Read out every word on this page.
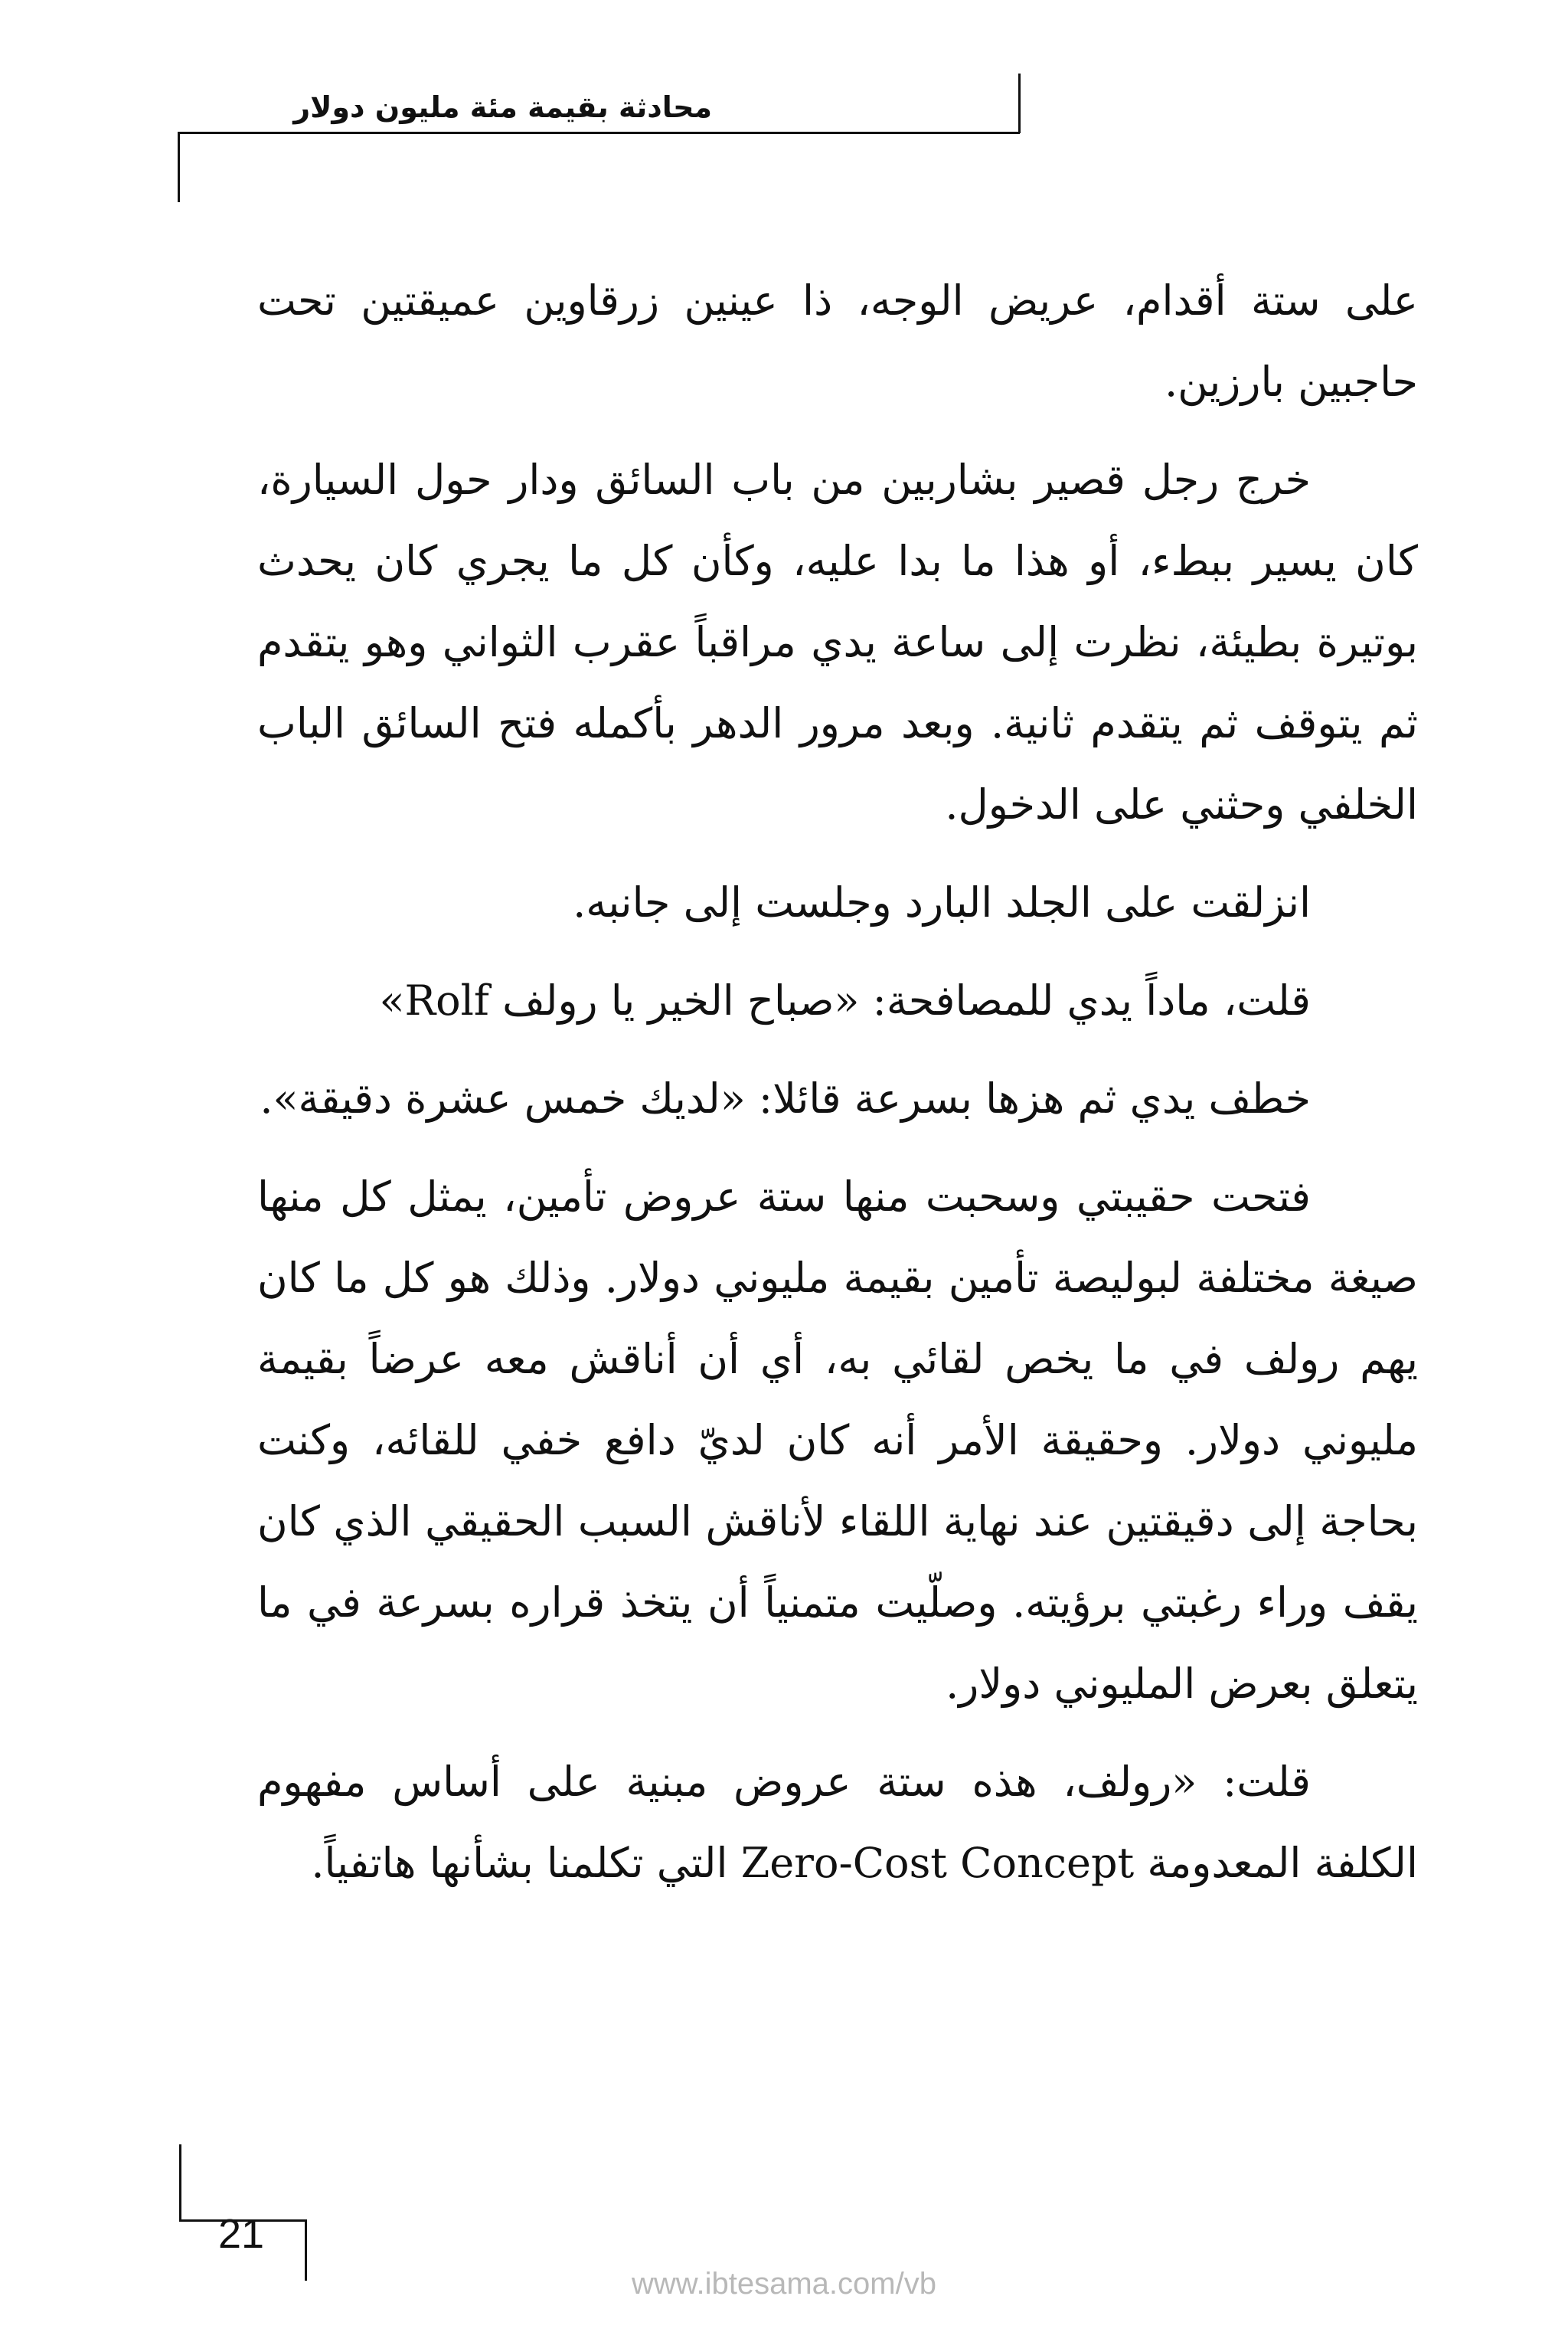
محادثة بقيمة مئة مليون دولار

على ستة أقدام، عريض الوجه، ذا عينين زرقاوين عميقتين تحت حاجبين بارزين.

خرج رجل قصير بشاربين من باب السائق ودار حول السيارة، كان يسير ببطء، أو هذا ما بدا عليه، وكأن كل ما يجري كان يحدث بوتيرة بطيئة، نظرت إلى ساعة يدي مراقباً عقرب الثواني وهو يتقدم ثم يتوقف ثم يتقدم ثانية. وبعد مرور الدهر بأكمله فتح السائق الباب الخلفي وحثني على الدخول.

انزلقت على الجلد البارد وجلست إلى جانبه.

قلت، ماداً يدي للمصافحة: «صباح الخير يا رولف Rolf»

خطف يدي ثم هزها بسرعة قائلا: «لديك خمس عشرة دقيقة».

فتحت حقيبتي وسحبت منها ستة عروض تأمين، يمثل كل منها صيغة مختلفة لبوليصة تأمين بقيمة مليوني دولار. وذلك هو كل ما كان يهم رولف في ما يخص لقائي به، أي أن أناقش معه عرضاً بقيمة مليوني دولار. وحقيقة الأمر أنه كان لديّ دافع خفي للقائه، وكنت بحاجة إلى دقيقتين عند نهاية اللقاء لأناقش السبب الحقيقي الذي كان يقف وراء رغبتي برؤيته. وصلّيت متمنياً أن يتخذ قراره بسرعة في ما يتعلق بعرض المليوني دولار.

قلت: «رولف، هذه ستة عروض مبنية على أساس مفهوم الكلفة المعدومة Zero-Cost Concept التي تكلمنا بشأنها هاتفياً.

21
www.ibtesama.com/vb
